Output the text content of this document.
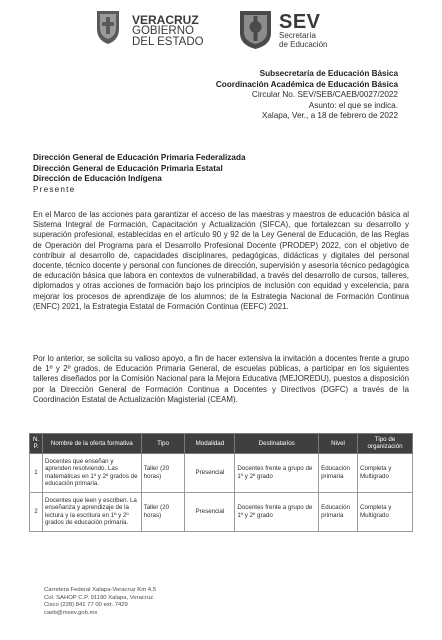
VERACRUZ
GOBIERNO
DEL ESTADO
SEV
Secretaría
de Educación
Subsecretaría de Educación Básica
Coordinación Académica de Educación Básica
Circular No. SEV/SEB/CAEB/0027/2022
Asunto: el que se indica.
Xalapa, Ver., a 18 de febrero de 2022
Dirección General de Educación Primaria Federalizada
Dirección General de Educación Primaria Estatal
Dirección de Educación Indígena
Presente
En el Marco de las acciones para garantizar el acceso de las maestras y maestros de educación básica al Sistema Integral de Formación, Capacitación y Actualización (SIFCA), que fortalezcan su desarrollo y superación profesional, establecidas en el artículo 90 y 92 de la Ley General de Educación, de las Reglas de Operación del Programa para el Desarrollo Profesional Docente (PRODEP) 2022, con el objetivo de contribuir al desarrollo de, capacidades disciplinares, pedagógicas, didácticas y digitales del personal docente, técnico docente y personal con funciones de dirección, supervisión y asesoría técnico pedagógica de educación básica que labora en contextos de vulnerabilidad, a través del desarrollo de cursos, talleres, diplomados y otras acciones de formación bajo los principios de inclusión con equidad y excelencia, para mejorar los procesos de aprendizaje de los alumnos; de la Estrategia Nacional de Formación Continua (ENFC) 2021, la Estrategia Estatal de Formación Continua (EEFC) 2021.
Por lo anterior, se solicita su valioso apoyo, a fin de hacer extensiva la invitación a docentes frente a grupo de 1º y 2º grados, de Educación Primaria General, de escuelas públicas, a participar en los siguientes talleres diseñados por la Comisión Nacional para la Mejora Educativa (MEJOREDU), puestos a disposición por la Dirección General de Formación Continua a Docentes y Directivos (DGFC) a través de la Coordinación Estatal de Actualización Magisterial (CEAM).
N. P.	Nombre de la oferta formativa	Tipo	Modalidad	Destinatarios	Nivel	Tipo de organización
1	Docentes que enseñan y aprenden resolviendo. Las matemáticas en 1º y 2º grados de educación primaria.	Taller (20 horas)	Presencial	Docentes frente a grupo de 1º y 2º grado	Educación primaria	Completa y Multigrado
2	Docentes que leen y escriben. La enseñanza y aprendizaje de la lectura y la escritura en 1º y 2º grados de educación primaria.	Taller (20 horas)	Presencial	Docentes frente a grupo de 1º y 2º grado	Educación primaria	Completa y Multigrado
Carretera Federal Xalapa-Veracruz Km 4.5
Col. SAHOP C.P. 91190 Xalapa, Veracruz.
Cisco (228) 841 77 00 ext. 7429
caeb@msev.gob.mx
